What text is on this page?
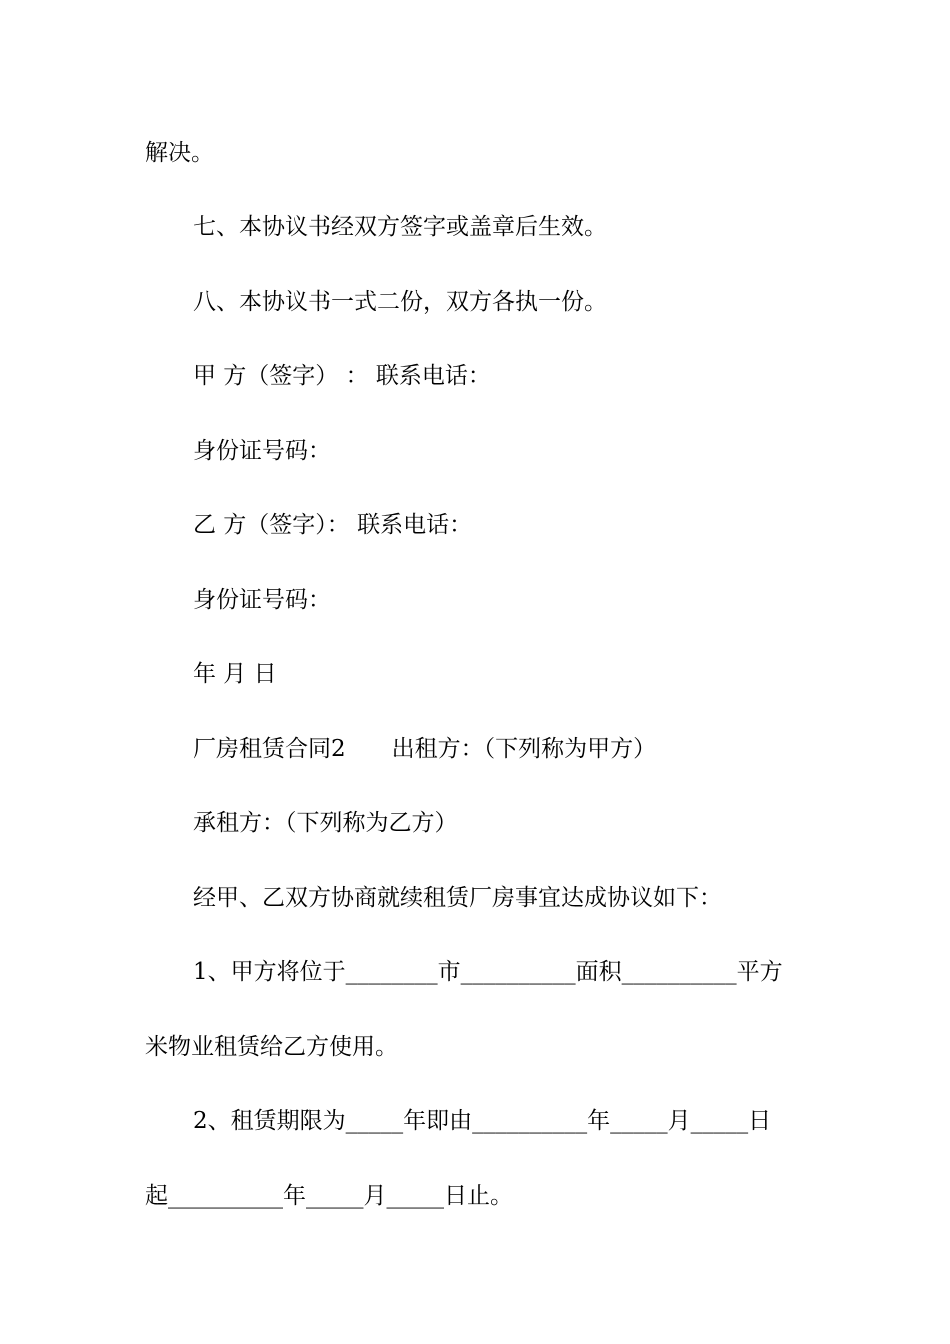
解决。
七、本协议书经双方签字或盖章后生效。
八、本协议书一式二份，双方各执一份。
甲 方（签字） ： 联系电话：
身份证号码：
乙 方（签字）： 联系电话：
身份证号码：
年 月 日
厂房租赁合同2　　出租方：（下列称为甲方）
承租方：（下列称为乙方）
经甲、乙双方协商就续租赁厂房事宜达成协议如下：
1、甲方将位于________市__________面积__________平方
米物业租赁给乙方使用。
2、租赁期限为_____年即由__________年_____月_____日
起__________年_____月_____日止。
